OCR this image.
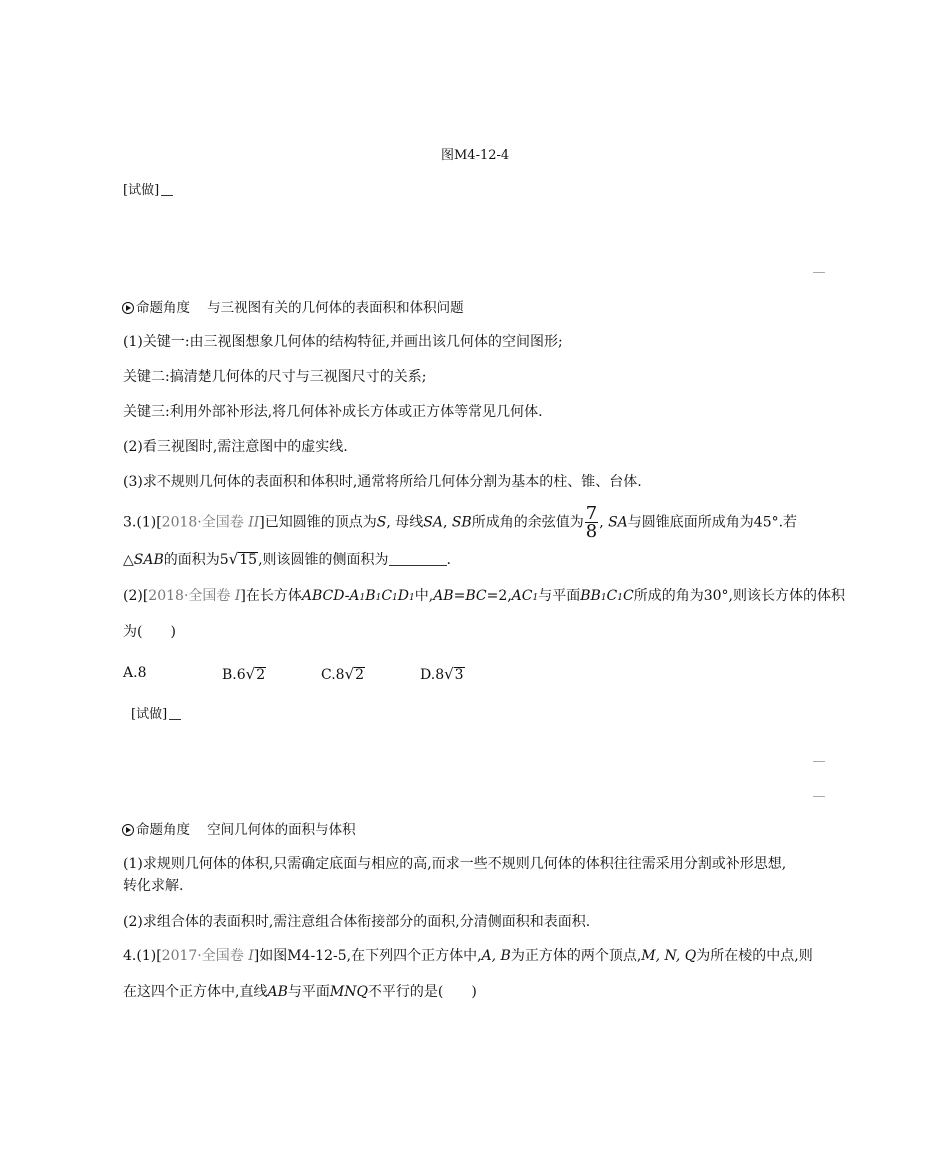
图M4-12-4
[试做]
命题角度 与三视图有关的几何体的表面积和体积问题
(1)关键一:由三视图想象几何体的结构特征,并画出该几何体的空间图形;
关键二:搞清楚几何体的尺寸与三视图尺寸的关系;
关键三:利用外部补形法,将几何体补成长方体或正方体等常见几何体.
(2)看三视图时,需注意图中的虚实线.
(3)求不规则几何体的表面积和体积时,通常将所给几何体分割为基本的柱、锥、台体.
3.(1)[2018·全国卷 II]已知圆锥的顶点为S, 母线SA, SB所成角的余弦值为 $\frac{7}{8}$ , SA与圆锥底面所成角为45°.若
△SAB的面积为5√15,则该圆锥的侧面积为	.
(2)[2018·全国卷 I]在长方体ABCD-A1B1C1D1中,AB=BC=2,AC1与平面BB1C1C所成的角为30°,则该长方体的体积
为(　　)
A.8	B.6√2	C.8√2	D.8√3
[试做]
命题角度 空间几何体的面积与体积
(1)求规则几何体的体积,只需确定底面与相应的高,而求一些不规则几何体的体积往往需采用分割或补形思想,
转化求解.
(2)求组合体的表面积时,需注意组合体衔接部分的面积,分清侧面积和表面积.
4.(1)[2017·全国卷 I]如图M4-12-5,在下列四个正方体中,A, B为正方体的两个顶点,M, N, Q为所在棱的中点,则
在这四个正方体中,直线AB与平面MNQ不平行的是(　　)
